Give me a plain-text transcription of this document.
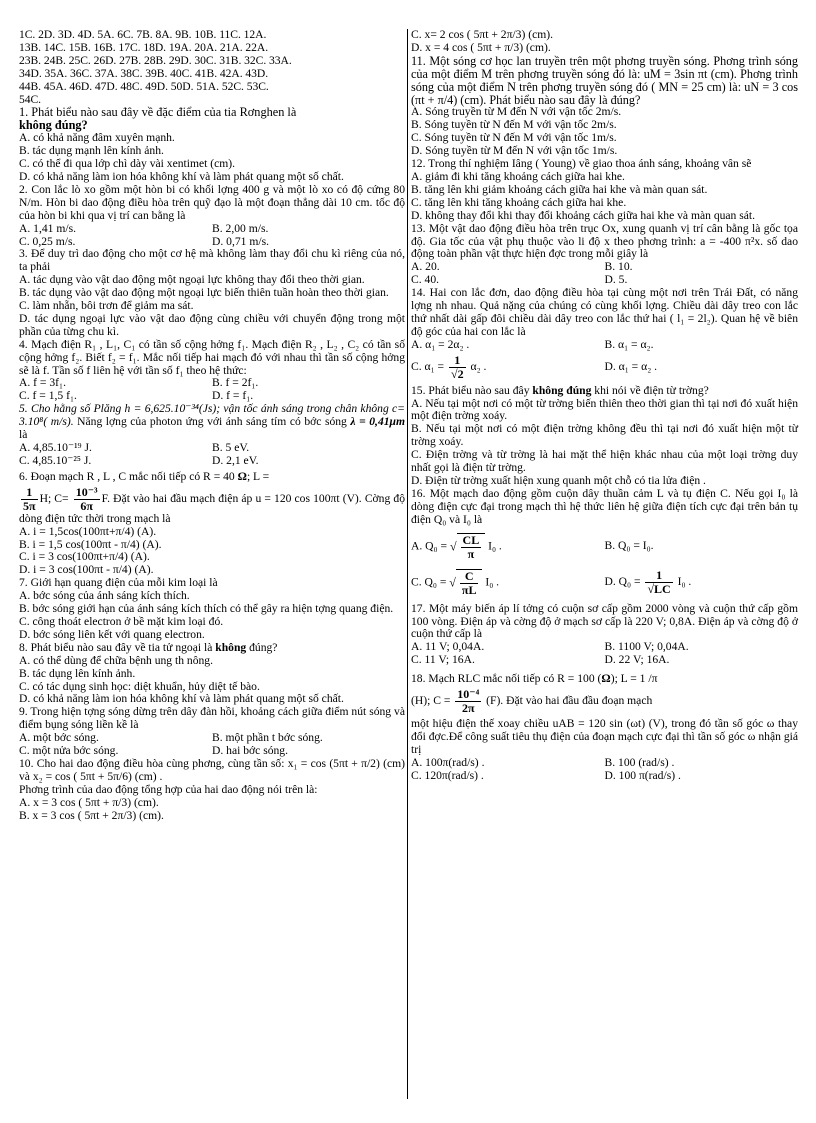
1C. 2D. 3D. 4D. 5A. 6C. 7B. 8A. 9B. 10B. 11C. 12A.
13B. 14C. 15B. 16B. 17C. 18D. 19A. 20A. 21A. 22A.
23B. 24B. 25C. 26D. 27B. 28B. 29D. 30C. 31B. 32C. 33A.
34D. 35A. 36C. 37A. 38C. 39B. 40C. 41B. 42A. 43D.
44B. 45A. 46D. 47D. 48C. 49D. 50D. 51A. 52C. 53C.
54C.

1. Phát biểu nào sau đây về đặc điểm của tia Rơnghen là
không đúng?

A. có khả năng đâm xuyên mạnh.

B. tác dụng mạnh lên kính ảnh.

C. có thể đi qua lớp chì dày vài xentimet (cm).

D. có khả năng làm ion hóa không khí và làm phát quang một số chất.

2. Con lắc lò xo gồm một hòn bi có khối lợng 400 g và một lò xo có độ cứng 80 N/m. Hòn bi dao động điều hòa trên quỹ đạo là một đoạn thẳng dài 10 cm. tốc độ của hòn bi khi qua vị trí can bằng là

A. 1,41 m/s.	B. 2,00 m/s.
C. 0,25 m/s.	D. 0,71 m/s.

3. Để duy trì dao động cho một cơ hệ mà không làm thay đổi chu kì riêng của nó, ta phải

A. tác dụng vào vật dao động một ngoại lực không thay đổi theo thời gian.

B. tác dụng vào vật dao động một ngoại lực biến thiên tuần hoàn theo thời gian.

C. làm nhẵn, bôi trơn để giảm ma sát.

D. tác dụng ngoại lực vào vật dao động cùng chiều với chuyển động trong một phần của từng chu kì.

4. Mạch điện R₁ , L₁, C₁ có tần số cộng hởng f₁. Mạch điện R₂ , L₂ , C₂ có tần số cộng hởng f₂. Biết f₂ = f₁. Mắc nối tiếp hai mạch đó với nhau thì tần số cộng hởng sẽ là f. Tần số f liên hệ với tần số f₁ theo hệ thức:

A. f = 3f₁.	B. f = 2f₁.
C. f = 1,5 f₁.	D. f = f₁.

5. Cho hằng số Plăng h = 6,625.10⁻³⁴(Js); vận tốc ánh sáng trong chân không c= 3.10⁸( m/s). Năng lợng của photon ứng với ánh sáng tím có bớc sóng λ = 0,41μm là

A. 4,85.10⁻¹⁹ J.	B. 5 eV.
C. 4,85.10⁻²⁵ J.	D. 2,1 eV.

6. Đoạn mạch R , L , C mắc nối tiếp có R = 40 Ω; L =

$\frac{1}{5\pi} H$; $C= \frac{\text{10⁻³}}{6\pi} F$. Đặt vào hai đầu mạch điện áp u = 120 cos 100πt (V). Cờng độ dòng điện tức thời trong mạch là

A. i = 1,5cos(100πt+π/4) (A).

B. i = 1,5 cos(100πt - π/4) (A).

C. i = 3 cos(100πt+π/4) (A).

D. i = 3 cos(100πt - π/4) (A).

7. Giới hạn quang điện của mỗi kim loại là

A. bớc sóng của ánh sáng kích thích.

B. bớc sóng giới hạn của ánh sáng kích thích có thể gây ra hiện tợng quang điện.

C. công thoát electron ở bề mặt kim loại đó.

D. bớc sóng liên kết với quang electron.

8. Phát biểu nào sau đây về tia tử ngoại là không đúng?

A. có thể dùng để chữa bệnh ung th nông.

B. tác dụng lên kính ảnh.

C. có tác dụng sinh học: diệt khuẩn, hủy diệt tế bào.

D. có khả năng làm ion hóa không khí và làm phát quang một số chất.

9. Trong hiện tợng sóng dừng trên dây đàn hồi, khoảng cách giữa điểm nút sóng và điểm bụng sóng liền kề là

A. một bớc sóng.	B. một phần t bớc sóng.
C. một nửa bớc sóng.	D. hai bớc sóng.

10. Cho hai dao động điều hòa cùng phơng, cùng tần số: x₁ = cos (5πt + π/2) (cm) và x₂ = cos ( 5πt + 5π/6) (cm) .

Phơng trình của dao động tổng hợp của hai dao động nói trên là:

A. x = 3 cos ( 5πt + π/3) (cm).

B. x = 3 cos ( 5πt + 2π/3) (cm).

C. x= 2 cos ( 5πt + 2π/3) (cm).

D. x = 4 cos ( 5πt + π/3) (cm).

11. Một sóng cơ học lan truyền trên một phơng truyền sóng. Phơng trình sóng của một điểm M trên phơng truyền sóng đó là: uM = 3sin πt (cm). Phơng trình sóng của một điểm N trên phơng truyền sóng đó ( MN = 25 cm) là: uN = 3 cos (πt + π/4) (cm). Phát biểu nào sau đây là đúng?

A. Sóng truyền từ M đến N với vận tốc 2m/s.

B. Sóng tuyền từ N đến M với vận tốc 2m/s.

C. Sóng tuyền từ N đến M với vận tốc 1m/s.

D. Sóng tuyền từ M đến N với vận tốc 1m/s.

12. Trong thí nghiệm Iâng ( Young) về giao thoa ánh sáng, khoảng vân sẽ

A. giảm đi khi tăng khoảng cách giữa hai khe.

B. tăng lên khi giảm khoảng cách giữa hai khe và màn quan sát.

C. tăng lên khi tăng khoảng cách giữa hai khe.

D. không thay đổi khi thay đổi khoảng cách giữa hai khe và màn quan sát.

13. Một vật dao động điều hòa trên trục Ox, xung quanh vị trí cân bằng là gốc tọa độ. Gia tốc của vật phụ thuộc vào li độ x theo phơng trình: a = -400 π²x. số dao động toàn phần vật thực hiện đợc trong mỗi giây là

A. 20.	B. 10.
C. 40.	D. 5.

14. Hai con lắc đơn, dao động điều hòa tại cùng một nơi trên Trái Đất, có năng lợng nh nhau. Quả nặng của chúng có cùng khối lợng. Chiều dài dây treo con lắc thứ nhất dài gấp đôi chiều dài dây treo con lắc thứ hai ( l₁ = 2l₂). Quan hệ về biên độ góc của hai con lắc là

A. α₁ = 2α₂ .	B. α₁ = α₂.
C. $\alpha_1 = \frac{1}{√2} \alpha_2$ .	D. α₁ = α₂ .

15. Phát biểu nào sau đây không đúng khi nói về điện từ trờng?

A. Nếu tại một nơi có một từ trờng biến thiên theo thời gian thì tại nơi đó xuất hiện một điện trờng xoáy.

B. Nếu tại một nơi có một điện trờng không đều thì tại nơi đó xuất hiện một từ trờng xoáy.

C. Điện trờng và từ trờng là hai mặt thể hiện khác nhau của một loại trờng duy nhất gọi là điện từ trờng.

D. Điện từ trờng xuất hiện xung quanh một chỗ có tia lửa điện .

16. Một mạch dao động gồm cuộn dây thuần cảm L và tụ điện C. Nếu gọi I₀ là dòng điện cực đại trong mạch thì hệ thức liên hệ giữa điện tích cực đại trên bản tụ điện Q₀ và I₀ là

A. Q₀ = √ $\frac{CL}{\pi} I_0$ .	B. Q₀ = I₀.
C. Q₀ = √ $\frac{C}{\pi L} I_0$ .	D. $Q_0 = \frac{1}{√LC} I_0$ .

17. Một máy biến áp lí tởng có cuộn sơ cấp gồm 2000 vòng và cuộn thứ cấp gồm 100 vòng. Điện áp và cờng độ ở mạch sơ cấp là 220 V; 0,8A. Điện áp và cờng độ ở cuộn thứ cấp là

A. 11 V; 0,04A.	B. 1100 V; 0,04A.
C. 11 V; 16A.	D. 22 V; 16A.

18. Mạch RLC mắc nối tiếp có R = 100 (Ω); L = 1 /π

(H); $C = \frac{\text{10⁻⁴}}{2\pi} (F)$. Đặt vào hai đầu đầu đoạn mạch

một hiệu điện thế xoay chiều uAB = 120 sin (ωt) (V), trong đó tần số góc ω thay đổi đợc.Để công suất tiêu thụ điện của đoạn mạch cực đại thì tần số góc ω nhận giá trị

A. 100π(rad/s) .	B. 100 (rad/s) .
C. 120π(rad/s) .	D. 100 π(rad/s) .
